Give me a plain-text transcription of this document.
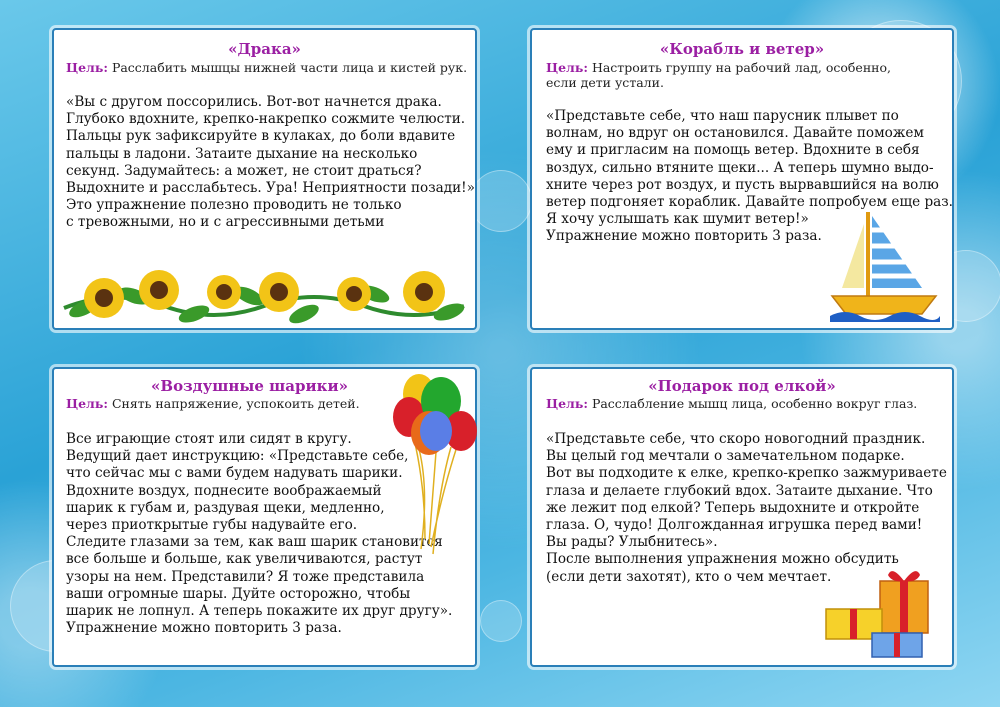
«Драка»
Цель: Расслабить мышцы нижней части лица и кистей рук.
«Вы с другом поссорились. Вот-вот начнется драка.
Глубоко вдохните, крепко-накрепко сожмите челюсти.
Пальцы рук зафиксируйте в кулаках, до боли вдавите
пальцы в ладони. Затаите дыхание на несколько
секунд. Задумайтесь: а может, не стоит драться?
Выдохните и расслабьтесь. Ура! Неприятности позади!»
Это упражнение полезно проводить не только
с тревожными, но и с агрессивными детьми
«Корабль и ветер»
Цель: Настроить группу на рабочий лад, особенно,
если дети устали.
«Представьте себе, что наш парусник плывет по
волнам, но вдруг он остановился. Давайте поможем
ему и пригласим на помощь ветер. Вдохните в себя
воздух, сильно втяните щеки... А теперь шумно выдо-
хните через рот воздух, и пусть вырвавшийся на волю
ветер подгоняет кораблик. Давайте попробуем еще раз.
Я хочу услышать как шумит ветер!»
Упражнение можно повторить 3 раза.
«Воздушные шарики»
Цель: Снять напряжение, успокоить детей.
Все играющие стоят или сидят в кругу.
Ведущий дает инструкцию: «Представьте себе,
что сейчас мы с вами будем надувать шарики.
Вдохните воздух, поднесите воображаемый
шарик к губам и, раздувая щеки, медленно,
через приоткрытые губы надувайте его.
Следите глазами за тем, как ваш шарик становится
все больше и больше, как увеличиваются, растут
узоры на нем. Представили? Я тоже представила
ваши огромные шары. Дуйте осторожно, чтобы
шарик не лопнул. А теперь покажите их друг другу».
Упражнение можно повторить 3 раза.
«Подарок под елкой»
Цель: Расслабление мышц лица, особенно вокруг глаз.
«Представьте себе, что скоро новогодний праздник.
Вы целый год мечтали о замечательном подарке.
Вот вы подходите к елке, крепко-крепко зажмуриваете
глаза и делаете глубокий вдох. Затаите дыхание. Что
же лежит под елкой? Теперь выдохните и откройте
глаза. О, чудо! Долгожданная игрушка перед вами!
Вы рады? Улыбнитесь».
После выполнения упражнения можно обсудить
(если дети захотят), кто о чем мечтает.
